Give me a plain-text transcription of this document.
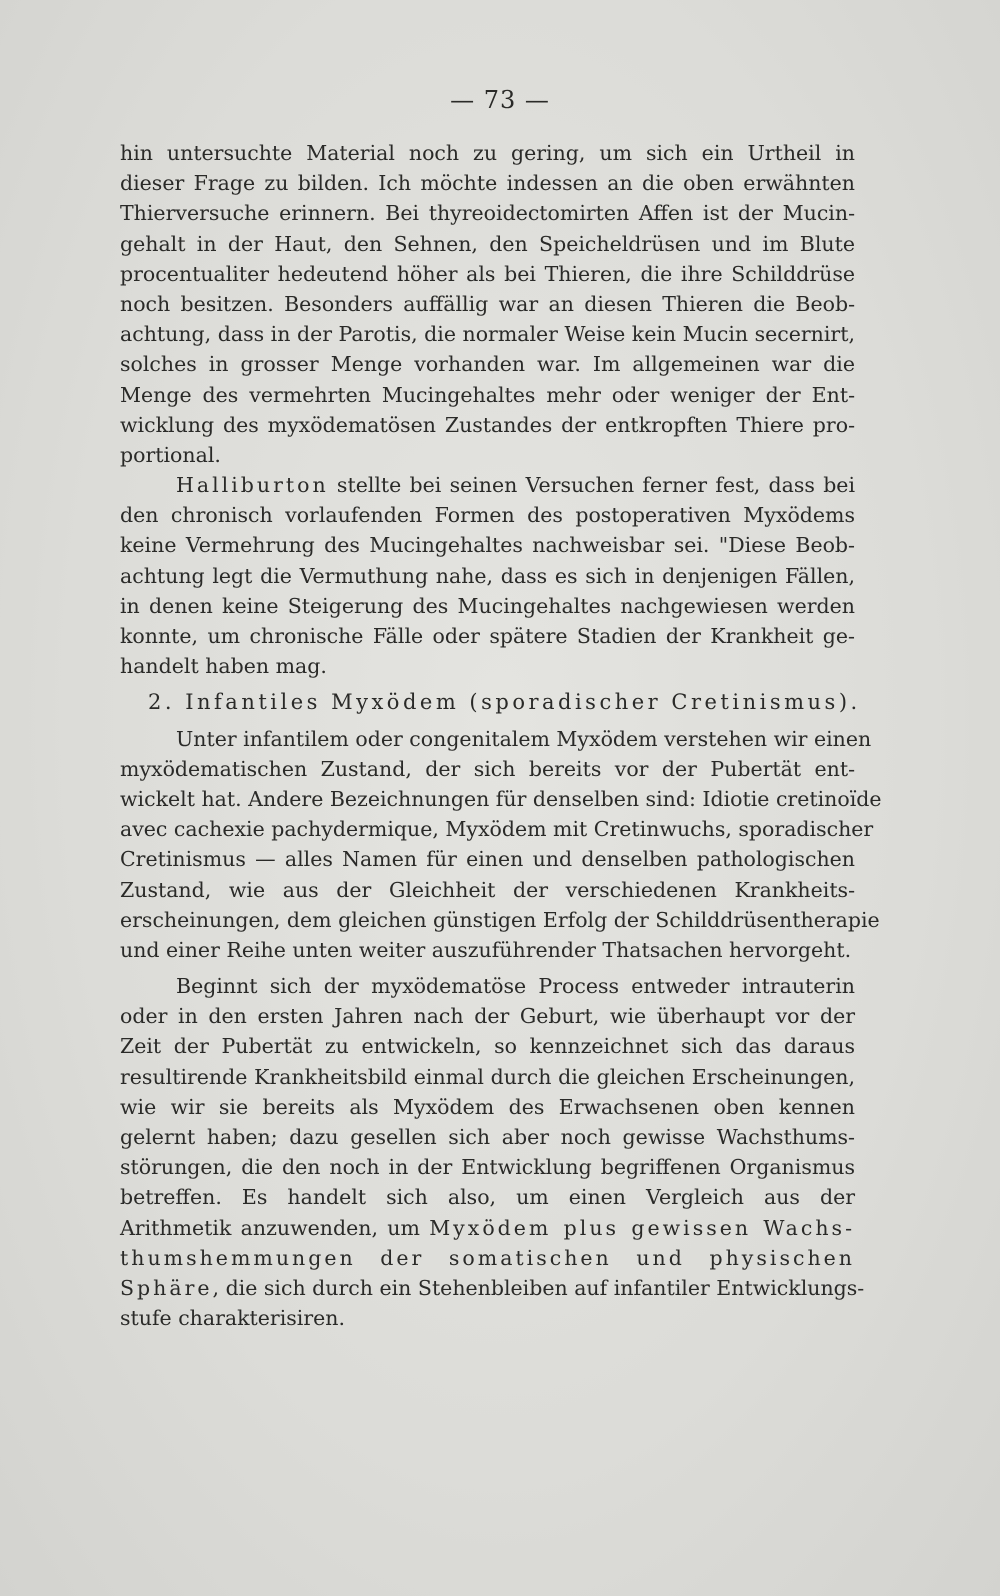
— 73 —
hin untersuchte Material noch zu gering, um sich ein Urtheil in
dieser Frage zu bilden. Ich möchte indessen an die oben erwähnten
Thierversuche erinnern. Bei thyreoidectomirten Affen ist der Mucin-
gehalt in der Haut, den Sehnen, den Speicheldrüsen und im Blute
procentualiter hedeutend höher als bei Thieren, die ihre Schilddrüse
noch besitzen. Besonders auffällig war an diesen Thieren die Beob-
achtung, dass in der Parotis, die normaler Weise kein Mucin secernirt,
solches in grosser Menge vorhanden war. Im allgemeinen war die
Menge des vermehrten Mucingehaltes mehr oder weniger der Ent-
wicklung des myxödematösen Zustandes der entkropften Thiere pro-
portional.
Halliburton stellte bei seinen Versuchen ferner fest, dass bei
den chronisch vorlaufenden Formen des postoperativen Myxödems
keine Vermehrung des Mucingehaltes nachweisbar sei. "Diese Beob-
achtung legt die Vermuthung nahe, dass es sich in denjenigen Fällen,
in denen keine Steigerung des Mucingehaltes nachgewiesen werden
konnte, um chronische Fälle oder spätere Stadien der Krankheit ge-
handelt haben mag.
2. Infantiles Myxödem (sporadischer Cretinismus).
Unter infantilem oder congenitalem Myxödem verstehen wir einen
myxödematischen Zustand, der sich bereits vor der Pubertät ent-
wickelt hat. Andere Bezeichnungen für denselben sind: Idiotie cretinoïde
avec cachexie pachydermique, Myxödem mit Cretinwuchs, sporadischer
Cretinismus — alles Namen für einen und denselben pathologischen
Zustand, wie aus der Gleichheit der verschiedenen Krankheits-
erscheinungen, dem gleichen günstigen Erfolg der Schilddrüsentherapie
und einer Reihe unten weiter auszuführender Thatsachen hervorgeht.
Beginnt sich der myxödematöse Process entweder intrauterin
oder in den ersten Jahren nach der Geburt, wie überhaupt vor der
Zeit der Pubertät zu entwickeln, so kennzeichnet sich das daraus
resultirende Krankheitsbild einmal durch die gleichen Erscheinungen,
wie wir sie bereits als Myxödem des Erwachsenen oben kennen
gelernt haben; dazu gesellen sich aber noch gewisse Wachsthums-
störungen, die den noch in der Entwicklung begriffenen Organismus
betreffen. Es handelt sich also, um einen Vergleich aus der
Arithmetik anzuwenden, um Myxödem plus gewissen Wachs-
thumshemmungen der somatischen und physischen
Sphäre, die sich durch ein Stehenbleiben auf infantiler Entwicklungs-
stufe charakterisiren.
